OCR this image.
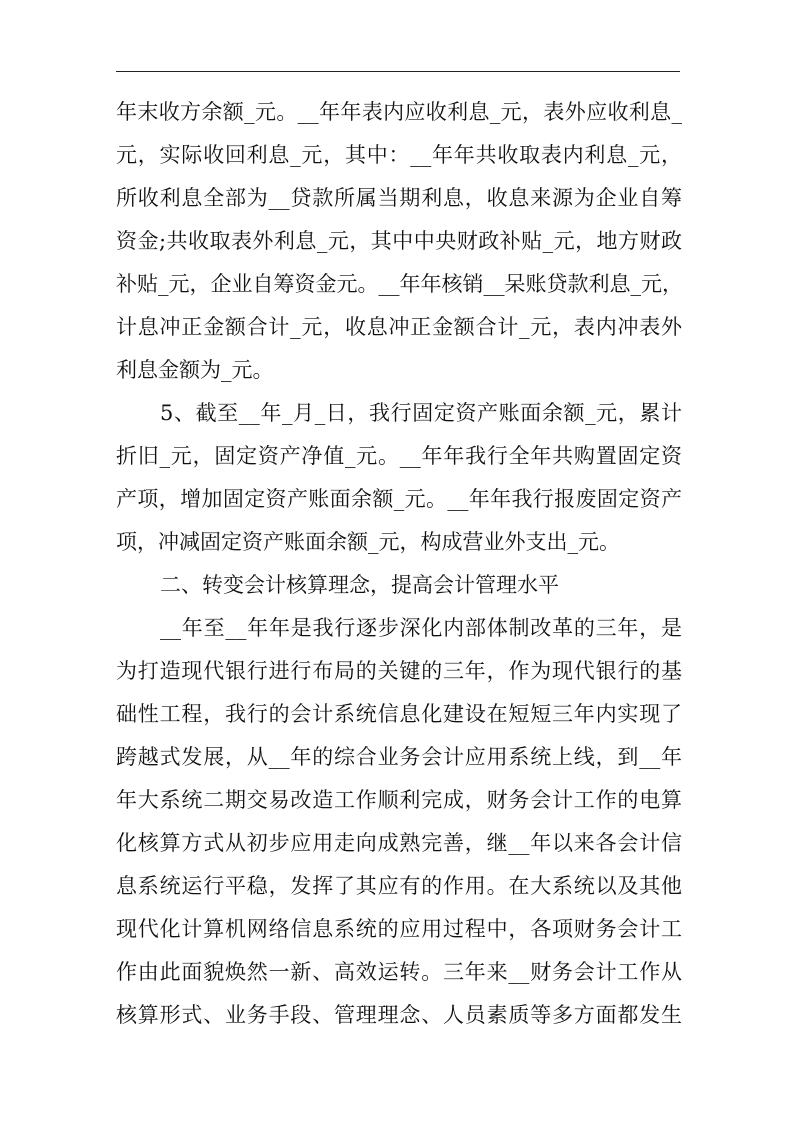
年末收方余额_元。__年年表内应收利息_元，表外应收利息_
元，实际收回利息_元，其中：__年年共收取表内利息_元，
所收利息全部为__贷款所属当期利息，收息来源为企业自筹
资金;共收取表外利息_元，其中中央财政补贴_元，地方财政
补贴_元，企业自筹资金元。__年年核销__呆账贷款利息_元，
计息冲正金额合计_元，收息冲正金额合计_元，表内冲表外
利息金额为_元。
5、截至__年_月_日，我行固定资产账面余额_元，累计
折旧_元，固定资产净值_元。__年年我行全年共购置固定资
产项，增加固定资产账面余额_元。__年年我行报废固定资产
项，冲减固定资产账面余额_元，构成营业外支出_元。
二、转变会计核算理念，提高会计管理水平
__年至__年年是我行逐步深化内部体制改革的三年，是
为打造现代银行进行布局的关键的三年，作为现代银行的基
础性工程，我行的会计系统信息化建设在短短三年内实现了
跨越式发展，从__年的综合业务会计应用系统上线，到__年
年大系统二期交易改造工作顺利完成，财务会计工作的电算
化核算方式从初步应用走向成熟完善，继__年以来各会计信
息系统运行平稳，发挥了其应有的作用。在大系统以及其他
现代化计算机网络信息系统的应用过程中，各项财务会计工
作由此面貌焕然一新、高效运转。三年来__财务会计工作从
核算形式、业务手段、管理理念、人员素质等多方面都发生
